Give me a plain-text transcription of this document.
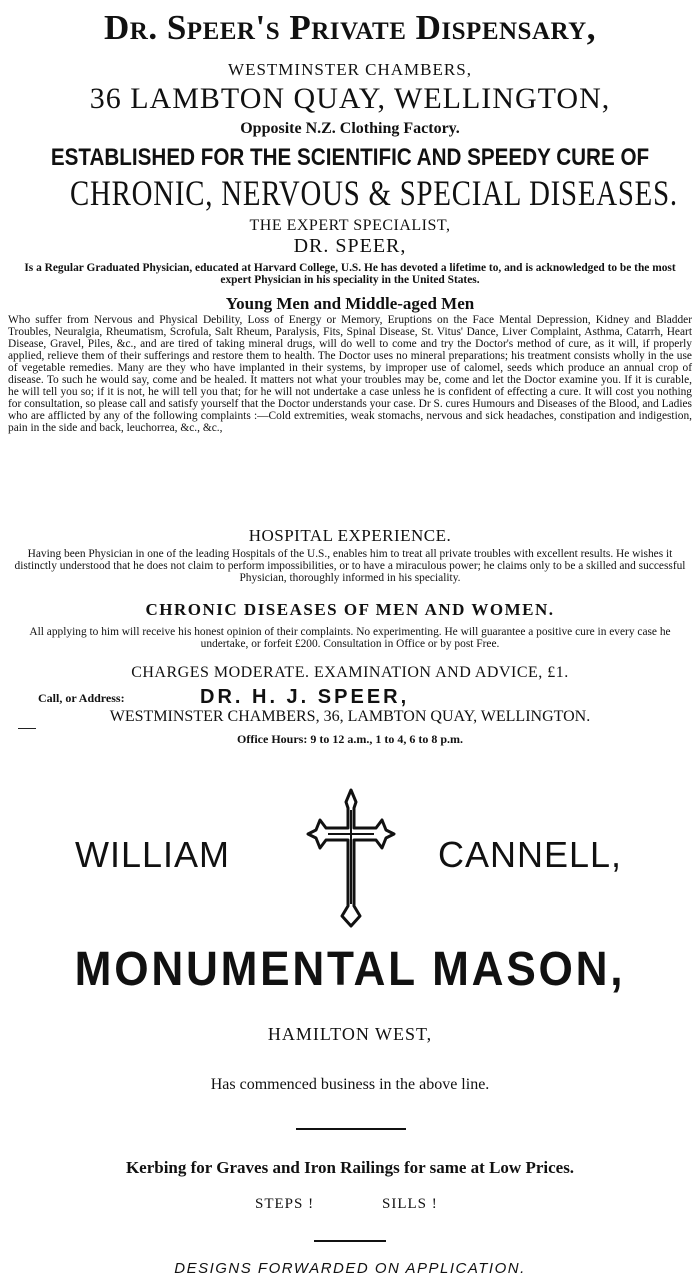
Dr. Speer's Private Dispensary,
WESTMINSTER CHAMBERS,
36 LAMBTON QUAY, WELLINGTON,
Opposite N.Z. Clothing Factory.
ESTABLISHED FOR THE SCIENTIFIC AND SPEEDY CURE OF
CHRONIC, NERVOUS & SPECIAL DISEASES.
THE EXPERT SPECIALIST,
DR. SPEER,
Is a Regular Graduated Physician, educated at Harvard College, U.S. He has devoted a lifetime to, and is acknowledged to be the most expert Physician in his speciality in the United States.
Young Men and Middle-aged Men
Who suffer from Nervous and Physical Debility, Loss of Energy or Memory, Eruptions on the Face Mental Depression, Kidney and Bladder Troubles, Neuralgia, Rheumatism, Scrofula, Salt Rheum, Paralysis, Fits, Spinal Disease, St. Vitus' Dance, Liver Complaint, Asthma, Catarrh, Heart Disease, Gravel, Piles, &c., and are tired of taking mineral drugs, will do well to come and try the Doctor's method of cure, as it will, if properly applied, relieve them of their sufferings and restore them to health. The Doctor uses no mineral preparations; his treatment consists wholly in the use of vegetable remedies. Many are they who have implanted in their systems, by improper use of calomel, seeds which produce an annual crop of disease. To such he would say, come and be healed. It matters not what your troubles may be, come and let the Doctor examine you. If it is curable, he will tell you so; if it is not, he will tell you that; for he will not undertake a case unless he is confident of effecting a cure. It will cost you nothing for consultation, so please call and satisfy yourself that the Doctor understands your case. Dr S. cures Humours and Diseases of the Blood, and Ladies who are afflicted by any of the following complaints :—Cold extremities, weak stomachs, nervous and sick headaches, constipation and indigestion, pain in the side and back, leuchorrea, &c., &c.,
HOSPITAL EXPERIENCE.
Having been Physician in one of the leading Hospitals of the U.S., enables him to treat all private troubles with excellent results. He wishes it distinctly understood that he does not claim to perform impossibilities, or to have a miraculous power; he claims only to be a skilled and successful Physician, thoroughly informed in his speciality.
CHRONIC DISEASES OF MEN AND WOMEN.
All applying to him will receive his honest opinion of their complaints. No experimenting. He will guarantee a positive cure in every case he undertake, or forfeit £200. Consultation in Office or by post Free.
CHARGES MODERATE. EXAMINATION AND ADVICE, £1.
Call, or Address:	DR. H. J. SPEER,
WESTMINSTER CHAMBERS, 36, LAMBTON QUAY, WELLINGTON.
Office Hours: 9 to 12 a.m., 1 to 4, 6 to 8 p.m.
WILLIAM	CANNELL,
MONUMENTAL MASON,
HAMILTON WEST,
Has commenced business in the above line.
Kerbing for Graves and Iron Railings for same at Low Prices.
STEPS !	SILLS !
DESIGNS FORWARDED ON APPLICATION.
